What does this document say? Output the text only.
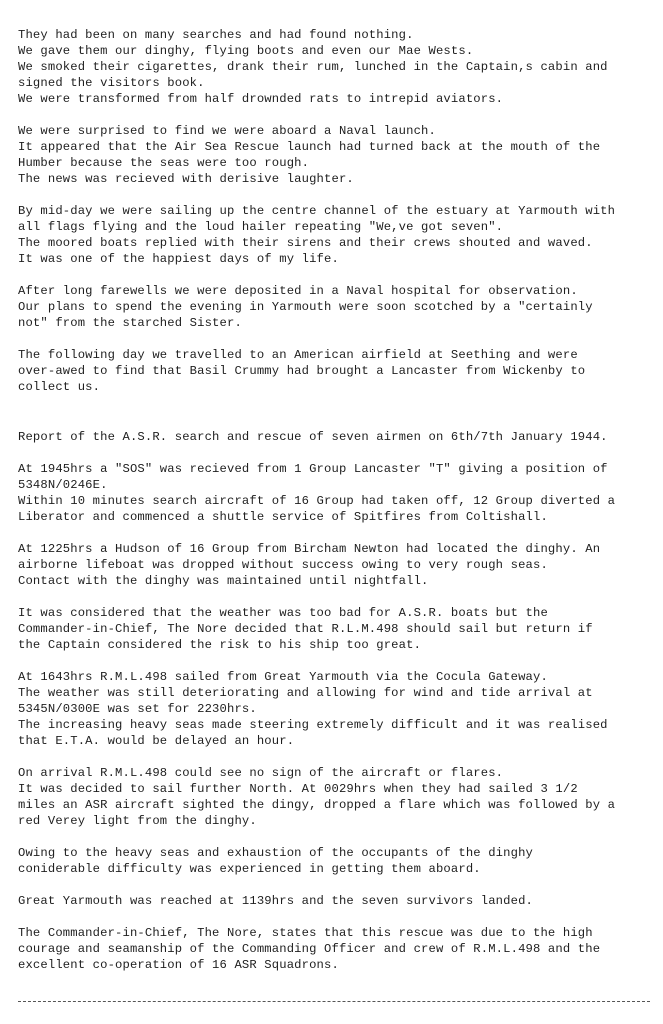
They had been on many searches and had found nothing.
We gave them our dinghy, flying boots and even our Mae Wests.
We smoked their cigarettes, drank their rum, lunched in the Captain,s cabin and
signed the visitors book.
We were transformed from half drownded rats to intrepid aviators.
We were surprised to find we were aboard a Naval launch.
It appeared that the Air Sea Rescue launch had turned back at the mouth of the
Humber because the seas were too rough.
The news was recieved with derisive laughter.
By mid-day we were sailing up the centre channel of the estuary at Yarmouth with
all flags flying and the loud hailer repeating "We,ve got seven".
The moored boats replied with their sirens and their crews shouted and waved.
It was one of the happiest days of my life.
After long farewells we were deposited in a Naval hospital for observation.
Our plans to spend the evening in Yarmouth were soon scotched by a "certainly
not" from the starched Sister.
The following day we travelled to an American airfield at Seething and were
over-awed to find that Basil Crummy had brought a Lancaster from Wickenby to
collect us.
Report of the A.S.R. search and rescue of seven airmen on 6th/7th January 1944.
At 1945hrs a "SOS" was recieved from 1 Group Lancaster "T" giving a position of
5348N/0246E.
Within 10 minutes search aircraft of 16 Group had taken off, 12 Group diverted a
Liberator and commenced a shuttle service of Spitfires from Coltishall.
At 1225hrs a Hudson of 16 Group from Bircham Newton had located the dinghy. An
airborne lifeboat was dropped without success owing to very rough seas.
Contact with the dinghy was maintained until nightfall.
It was considered that the weather was too bad for A.S.R. boats but the
Commander-in-Chief, The Nore decided that R.L.M.498 should sail but return if
the Captain considered the risk to his ship too great.
At 1643hrs R.M.L.498 sailed from Great Yarmouth via the Cocula Gateway.
The weather was still deteriorating and allowing for wind and tide arrival at
5345N/0300E was set for 2230hrs.
The increasing heavy seas made steering extremely difficult and it was realised
that E.T.A. would be delayed an hour.
On arrival R.M.L.498 could see no sign of the aircraft or flares.
It was decided to sail further North. At 0029hrs when they had sailed 3 1/2
miles an ASR aircraft sighted the dingy, dropped a flare which was followed by a
red Verey light from the dinghy.
Owing to the heavy seas and exhaustion of the occupants of the dinghy
coniderable difficulty was experienced in getting them aboard.
Great Yarmouth was reached at 1139hrs and the seven survivors landed.
The Commander-in-Chief, The Nore, states that this rescue was due to the high
courage and seamanship of the Commanding Officer and crew of R.M.L.498 and the
excellent co-operation of 16 ASR Squadrons.
